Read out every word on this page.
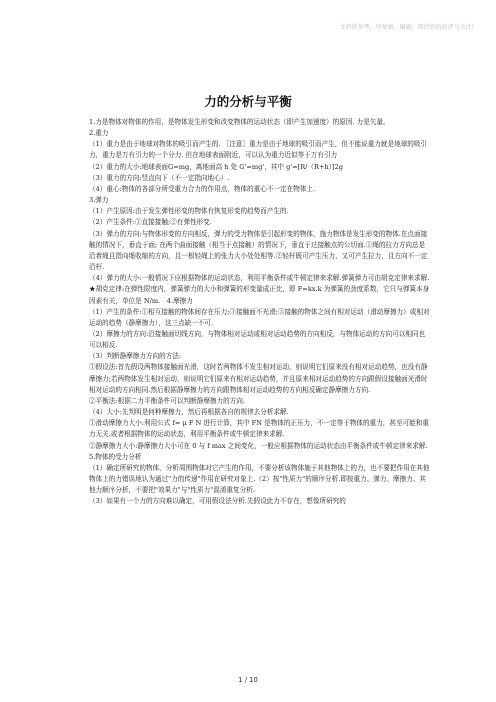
文档供参考，可复制、编辑，期待您的好评与关注!
力的分析与平衡

1.力是物体对物体的作用，是物体发生形变和改变物体的运动状态（即产生加速度）的原因. 力是矢量。

2.重力

（1）重力是由于地球对物体的吸引而产生的. ［注意］重力是由于地球的吸引而产生，但不能说重力就是地球的吸引力，重力是万有引力的一个分力. 但在地球表面附近，可以认为重力近似等于万有引力

（2）重力的大小:地球表面G=mg，离地面高 h 处 G'=mg'，其中 g'=[R/（R+h）]2g

（3）重力的方向:竖直向下（不一定指向地心）.

（4）重心:物体的各部分所受重力合力的作用点，物体的重心不一定在物体上.

3.弹力

（1）产生原因:由于发生弹性形变的物体有恢复形变的趋势而产生的.

（2）产生条件:①直接接触;②有弹性形变.

（3）弹力的方向:与物体形变的方向相反，弹力的受力物体是引起形变的物体，施力物体是发生形变的物体.在点面接触的情况下，垂直于面; 在两个曲面接触（相当于点接触）的情况下，垂直于过接触点的公切面.①绳的拉力方向总是沿着绳且指向绳收缩的方向，且一根轻绳上的张力大小处处相等.②轻杆既可产生压力，又可产生拉力，且方向不一定沿杆.

（4）弹力的大小:一般情况下应根据物体的运动状态，利用平衡条件或牛顿定律来求解.弹簧弹力可由胡克定律来求解.

★胡克定律:在弹性限度内，弹簧弹力的大小和弹簧的形变量成正比，即 F=kx.k 为弹簧的劲度系数，它只与弹簧本身因素有关，单位是 N/m.　4.摩擦力

（1）产生的条件:①相互接触的物体间存在压力;③接触面不光滑;③接触的物体之间有相对运动（滑动摩擦力）或相对运动的趋势（静摩擦力），这三点缺一不可.

（2）摩擦力的方向:沿接触面切线方向，与物体相对运动或相对运动趋势的方向相反，与物体运动的方向可以相同也可以相反.

（3）判断静摩擦力方向的方法:

①假设法:首先假设两物体接触面光滑，这时若两物体不发生相对运动，则说明它们原来没有相对运动趋势，也没有静摩擦力;若两物体发生相对运动，则说明它们原来有相对运动趋势，并且原来相对运动趋势的方向跟假设接触面光滑时相对运动的方向相同.然后根据静摩擦力的方向跟物体相对运动趋势的方向相反确定静摩擦力方向.

②平衡法:根据二力平衡条件可以判断静摩擦力的方向.

（4）大小:先判明是何种摩擦力，然后再根据各自的规律去分析求解.

①滑动摩擦力大小:利用公式 f= μ F N 进行计算，其中 FN 是物体的正压力，不一定等于物体的重力，甚至可能和重力无关.或者根据物体的运动状态，利用平衡条件或牛顿定律来求解.

②静摩擦力大小:静摩擦力大小可在 0 与 f max 之间变化，一般应根据物体的运动状态由平衡条件或牛顿定律来求解.

5.物体的受力分析

（1）确定所研究的物体，分析周围物体对它产生的作用，不要分析该物体施于其他物体上的力，也不要把作用在其他物体上的力错误地认为通过"力的传递"作用在研究对象上.（2）按"性质力"的顺序分析.即按重力、弹力、摩擦力、其他力顺序分析，不要把"效果力"与"性质力"混淆重复分析.

（3）如果有一个力的方向难以确定，可用假设法分析.先假设此力不存在，想像所研究的

1 / 10
